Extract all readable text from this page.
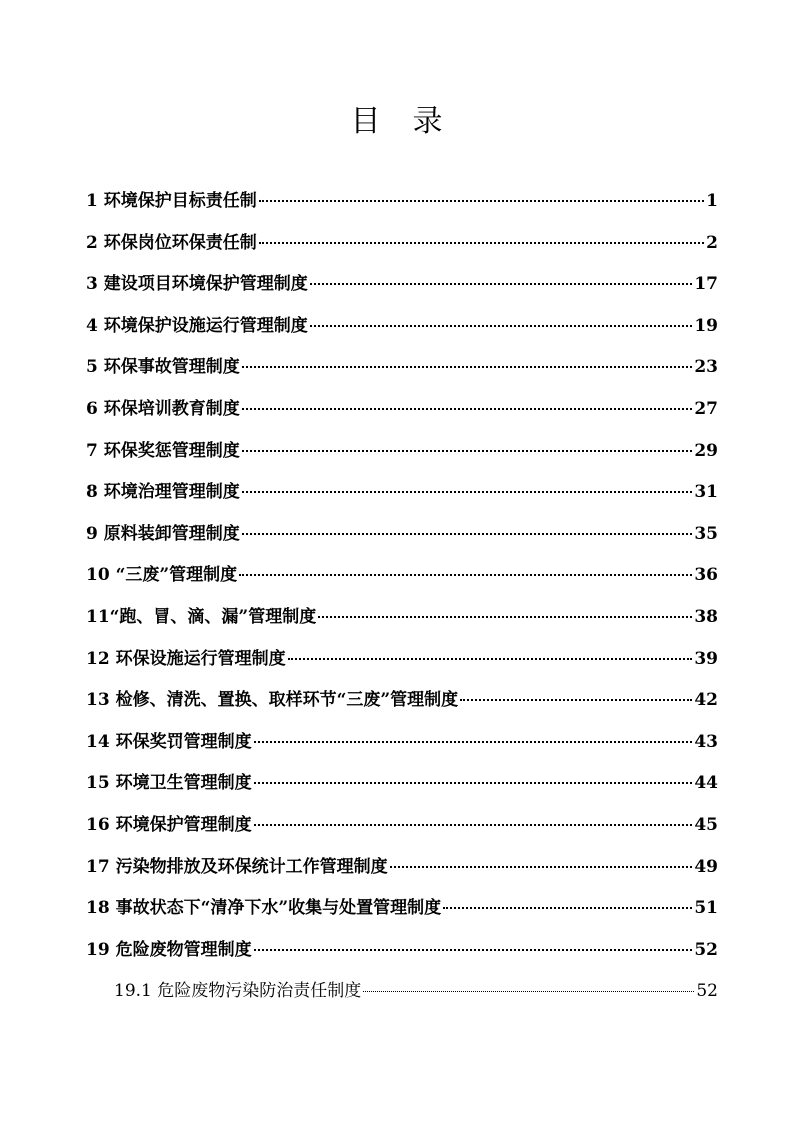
目 录
1 环境保护目标责任制	1
2 环保岗位环保责任制	2
3 建设项目环境保护管理制度	17
4 环境保护设施运行管理制度	19
5 环保事故管理制度	23
6 环保培训教育制度	27
7 环保奖惩管理制度	29
8 环境治理管理制度	31
9 原料装卸管理制度	35
10 “三废”管理制度	36
11“跑、冒、滴、漏”管理制度	38
12 环保设施运行管理制度	39
13 检修、清洗、置换、取样环节“三废”管理制度	42
14 环保奖罚管理制度	43
15 环境卫生管理制度	44
16 环境保护管理制度	45
17 污染物排放及环保统计工作管理制度	49
18 事故状态下“清净下水”收集与处置管理制度	51
19 危险废物管理制度	52
19.1 危险废物污染防治责任制度	52
